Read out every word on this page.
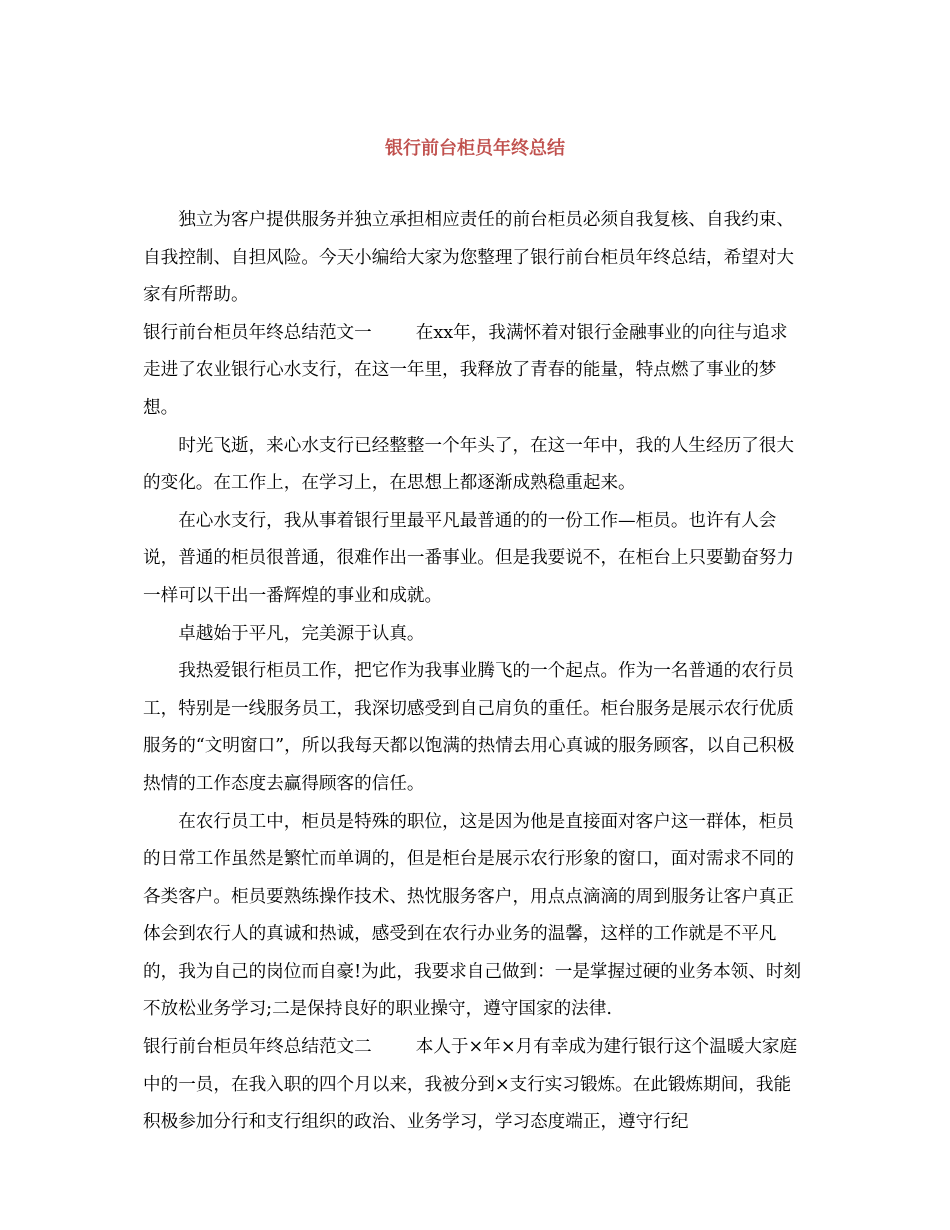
银行前台柜员年终总结

独立为客户提供服务并独立承担相应责任的前台柜员必须自我复核、自我约束、自我控制、自担风险。今天小编给大家为您整理了银行前台柜员年终总结，希望对大家有所帮助。

银行前台柜员年终总结范文一	在xx年，我满怀着对银行金融事业的向往与追求走进了农业银行心水支行，在这一年里，我释放了青春的能量，特点燃了事业的梦想。

时光飞逝，来心水支行已经整整一个年头了，在这一年中，我的人生经历了很大的变化。在工作上，在学习上，在思想上都逐渐成熟稳重起来。

在心水支行，我从事着银行里最平凡最普通的的一份工作—柜员。也许有人会说，普通的柜员很普通，很难作出一番事业。但是我要说不，在柜台上只要勤奋努力一样可以干出一番辉煌的事业和成就。

卓越始于平凡，完美源于认真。

我热爱银行柜员工作，把它作为我事业腾飞的一个起点。作为一名普通的农行员工，特别是一线服务员工，我深切感受到自己肩负的重任。柜台服务是展示农行优质服务的“文明窗口”，所以我每天都以饱满的热情去用心真诚的服务顾客，以自己积极热情的工作态度去赢得顾客的信任。

在农行员工中，柜员是特殊的职位，这是因为他是直接面对客户这一群体，柜员的日常工作虽然是繁忙而单调的，但是柜台是展示农行形象的窗口，面对需求不同的各类客户。柜员要熟练操作技术、热忱服务客户，用点点滴滴的周到服务让客户真正体会到农行人的真诚和热诚，感受到在农行办业务的温馨，这样的工作就是不平凡的，我为自己的岗位而自豪!为此，我要求自己做到：一是掌握过硬的业务本领、时刻不放松业务学习;二是保持良好的职业操守，遵守国家的法律.

银行前台柜员年终总结范文二	本人于×年×月有幸成为建行银行这个温暖大家庭中的一员，在我入职的四个月以来，我被分到×支行实习锻炼。在此锻炼期间，我能积极参加分行和支行组织的政治、业务学习，学习态度端正，遵守行纪
